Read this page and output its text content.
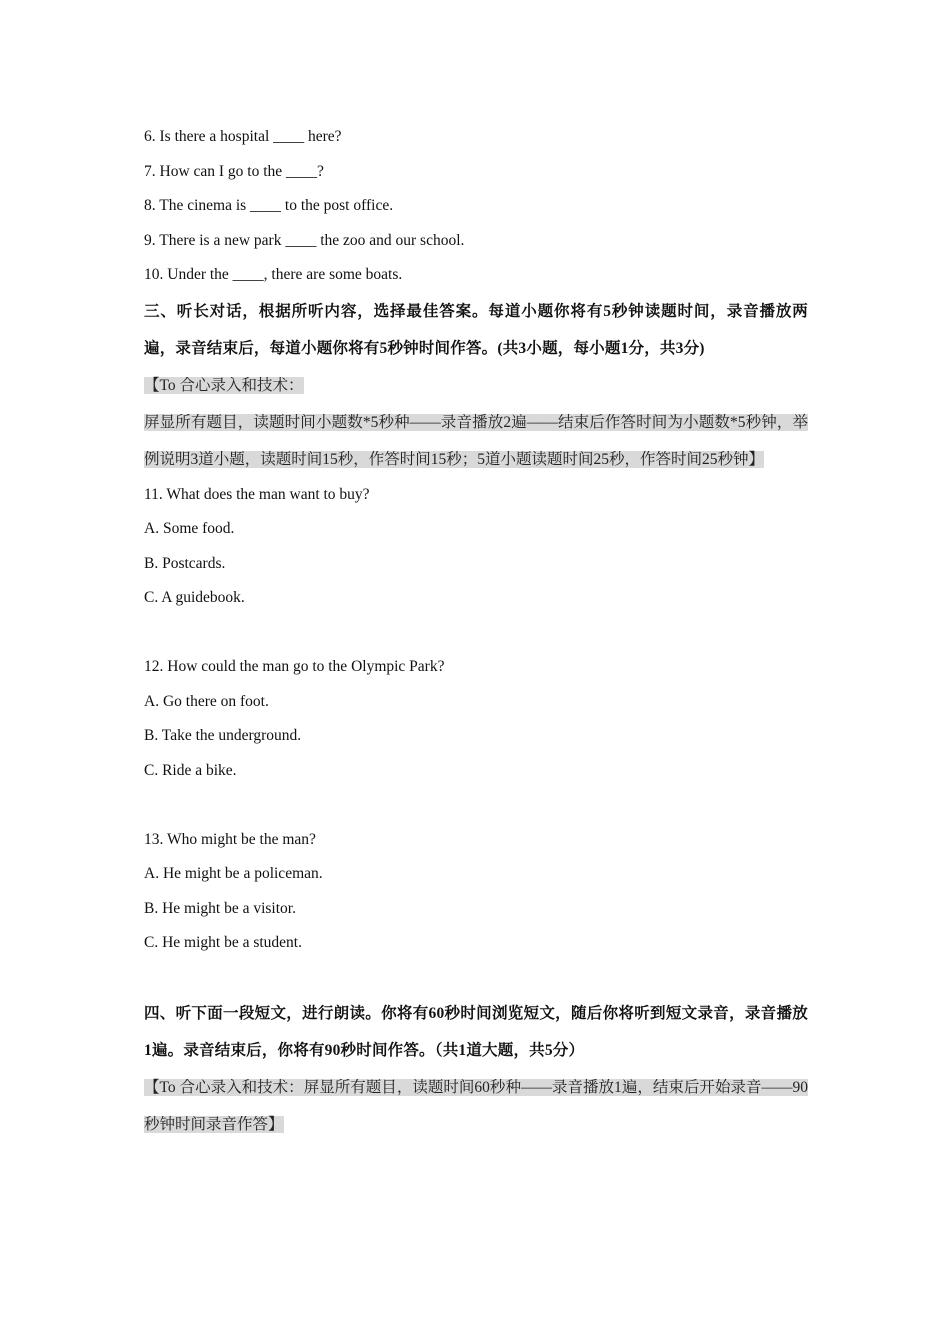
6. Is there a hospital ____ here?
7. How can I go to the ____?
8. The cinema is ____ to the post office.
9. There is a new park ____ the zoo and our school.
10. Under the ____, there are some boats.
三、听长对话，根据所听内容，选择最佳答案。每道小题你将有5秒钟读题时间，录音播放两遍，录音结束后，每道小题你将有5秒钟时间作答。(共3小题，每小题1分，共3分)
【To 合心录入和技术：
屏显所有题目，读题时间小题数*5秒种——录音播放2遍——结束后作答时间为小题数*5秒钟，举例说明3道小题，读题时间15秒，作答时间15秒；5道小题读题时间25秒，作答时间25秒钟】
11. What does the man want to buy?
A. Some food.
B. Postcards.
C. A guidebook.
12. How could the man go to the Olympic Park?
A. Go there on foot.
B. Take the underground.
C. Ride a bike.
13. Who might be the man?
A. He might be a policeman.
B. He might be a visitor.
C. He might be a student.
四、听下面一段短文，进行朗读。你将有60秒时间浏览短文，随后你将听到短文录音，录音播放1遍。录音结束后，你将有90秒时间作答。（共1道大题，共5分）
【To 合心录入和技术：屏显所有题目，读题时间60秒种——录音播放1遍，结束后开始录音——90秒钟时间录音作答】
